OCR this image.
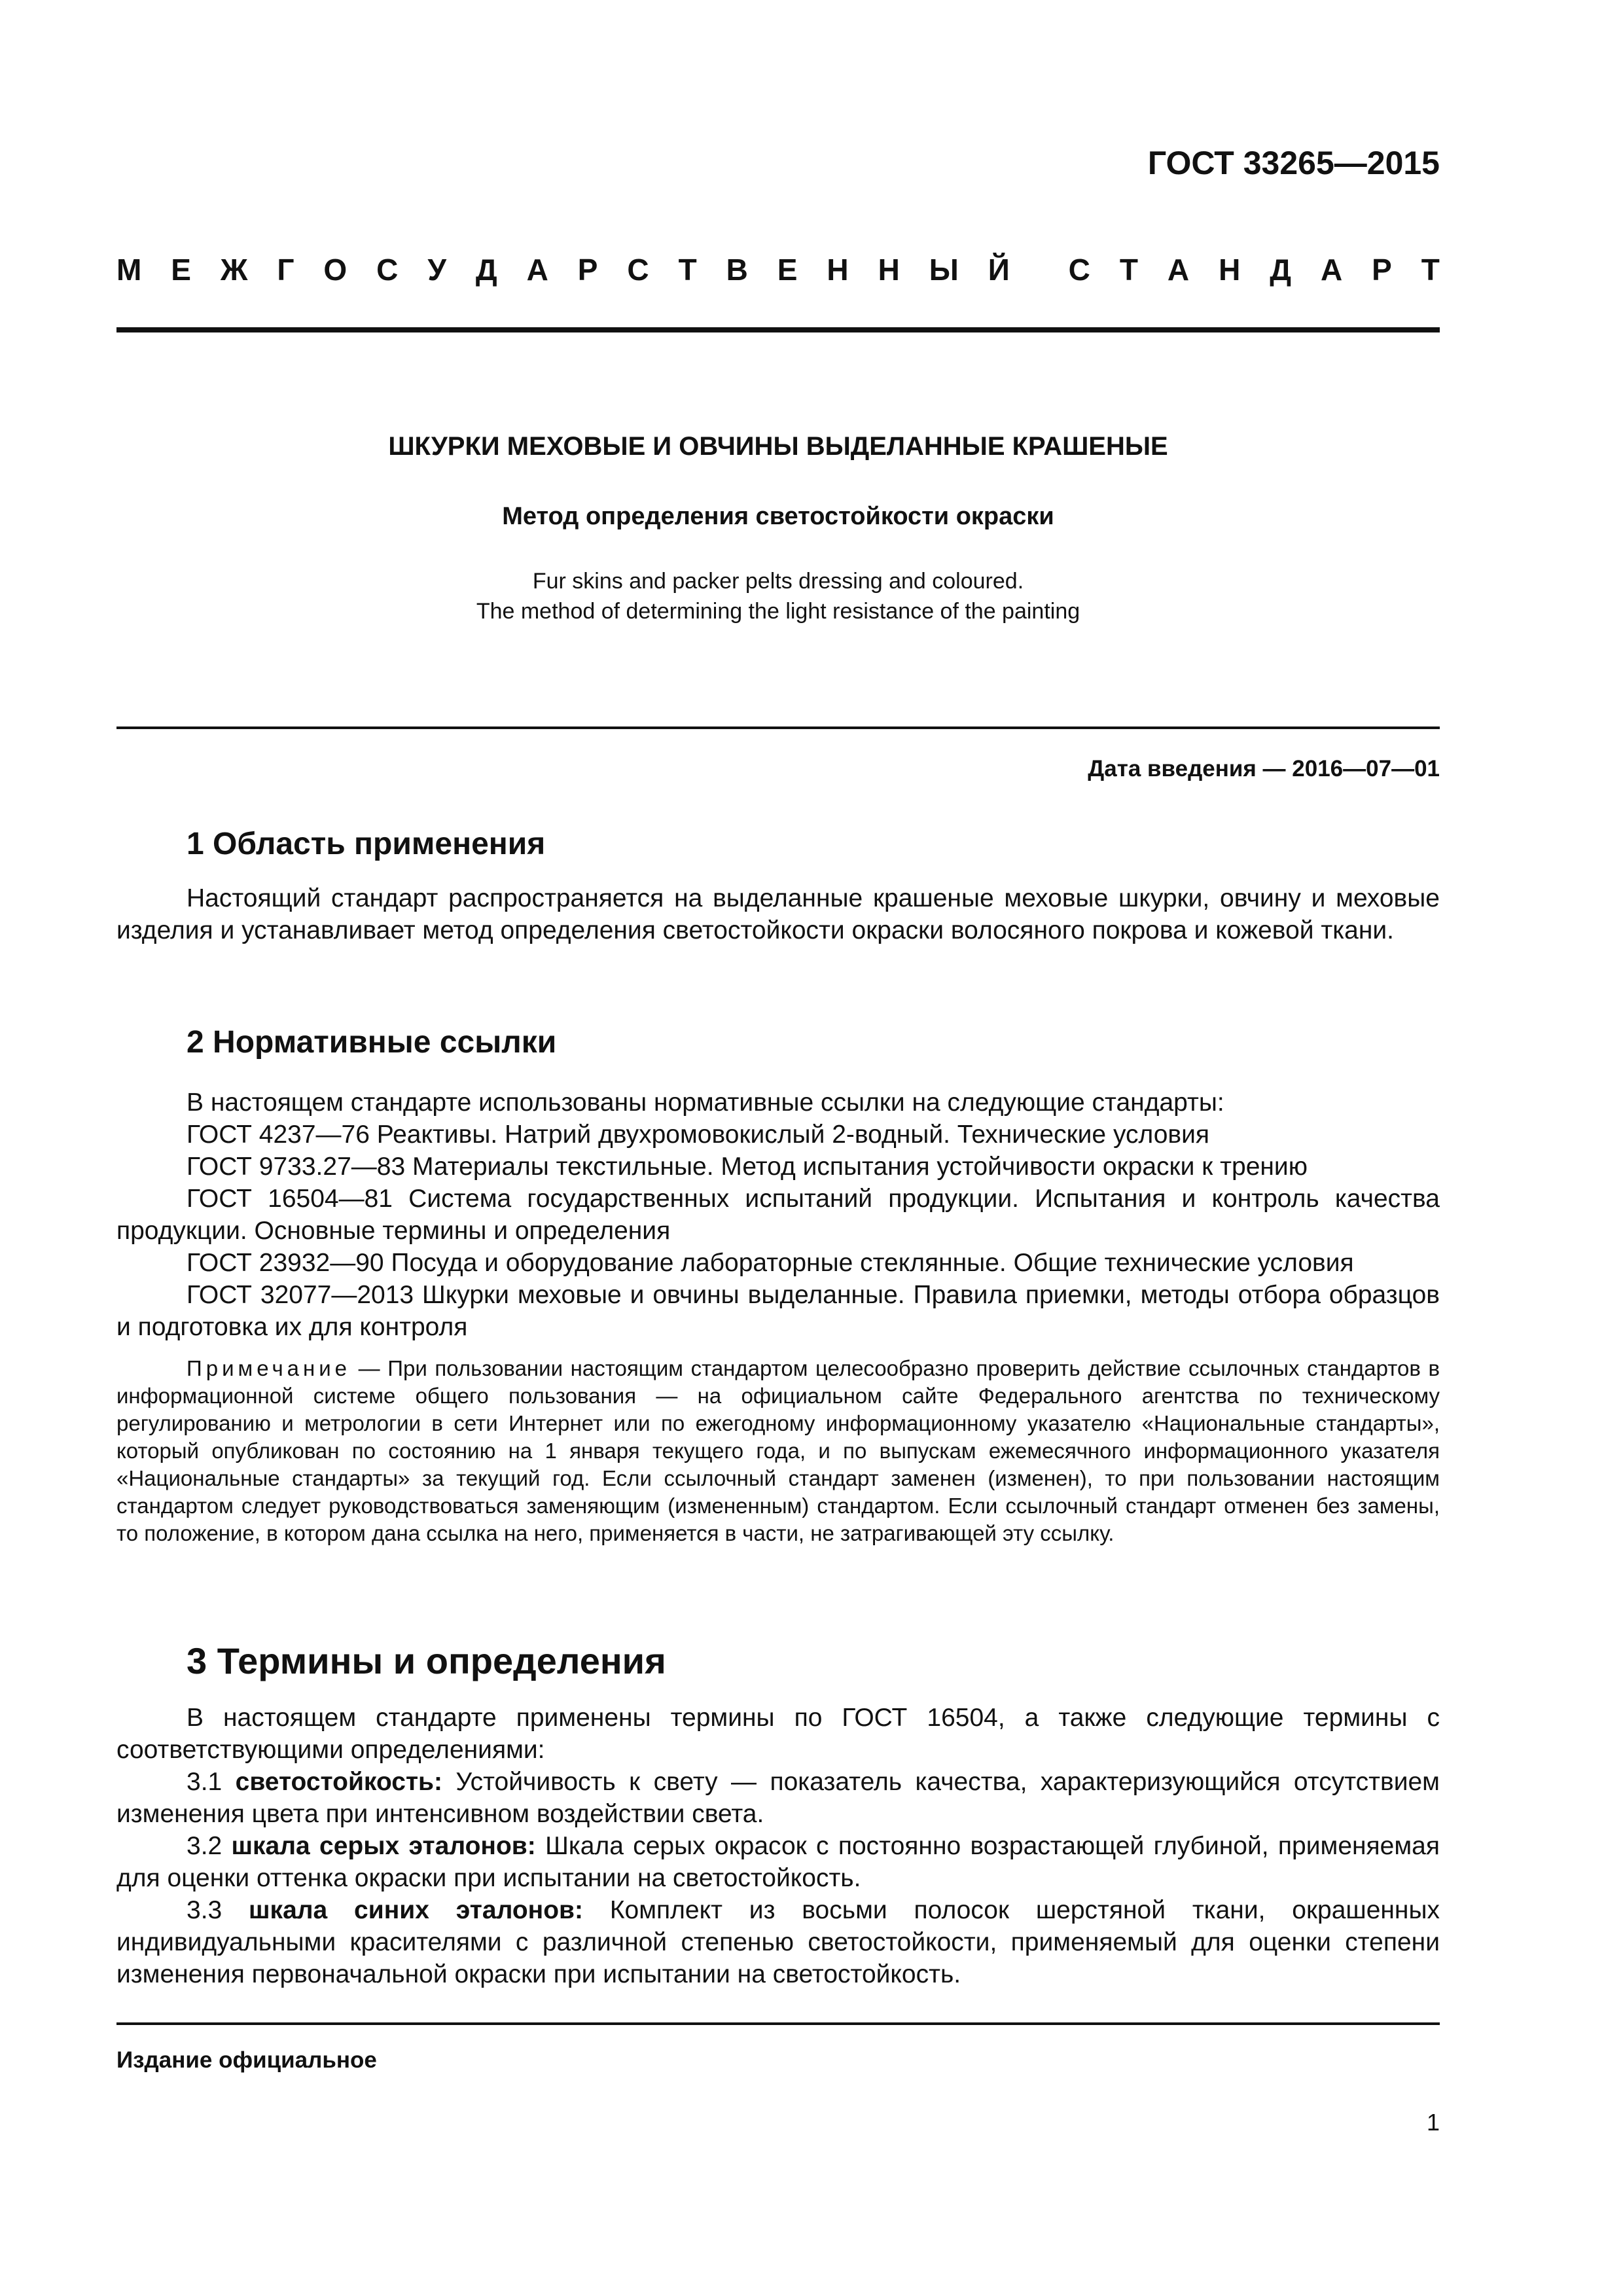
ГОСТ 33265—2015
М Е Ж Г О С У Д А Р С Т В Е Н Н Ы Й С Т А Н Д А Р Т
ШКУРКИ МЕХОВЫЕ И ОВЧИНЫ ВЫДЕЛАННЫЕ КРАШЕНЫЕ
Метод определения светостойкости окраски
Fur skins and packer pelts dressing and coloured.
The method of determining the light resistance of the painting
Дата введения — 2016—07—01
1 Область применения
Настоящий стандарт распространяется на выделанные крашеные меховые шкурки, овчину и меховые изделия и устанавливает метод определения светостойкости окраски волосяного покрова и кожевой ткани.
2 Нормативные ссылки
В настоящем стандарте использованы нормативные ссылки на следующие стандарты:
ГОСТ 4237—76 Реактивы. Натрий двухромовокислый 2-водный. Технические условия
ГОСТ 9733.27—83 Материалы текстильные. Метод испытания устойчивости окраски к трению
ГОСТ 16504—81 Система государственных испытаний продукции. Испытания и контроль качества продукции. Основные термины и определения
ГОСТ 23932—90 Посуда и оборудование лабораторные стеклянные. Общие технические условия
ГОСТ 32077—2013 Шкурки меховые и овчины выделанные. Правила приемки, методы отбора образцов и подготовка их для контроля
Примечание — При пользовании настоящим стандартом целесообразно проверить действие ссылочных стандартов в информационной системе общего пользования — на официальном сайте Федерального агентства по техническому регулированию и метрологии в сети Интернет или по ежегодному информационному указателю «Национальные стандарты», который опубликован по состоянию на 1 января текущего года, и по выпускам ежемесячного информационного указателя «Национальные стандарты» за текущий год. Если ссылочный стандарт заменен (изменен), то при пользовании настоящим стандартом следует руководствоваться заменяющим (измененным) стандартом. Если ссылочный стандарт отменен без замены, то положение, в котором дана ссылка на него, применяется в части, не затрагивающей эту ссылку.
3 Термины и определения
В настоящем стандарте применены термины по ГОСТ 16504, а также следующие термины с соответствующими определениями:
3.1 светостойкость: Устойчивость к свету — показатель качества, характеризующийся отсутствием изменения цвета при интенсивном воздействии света.
3.2 шкала серых эталонов: Шкала серых окрасок с постоянно возрастающей глубиной, применяемая для оценки оттенка окраски при испытании на светостойкость.
3.3 шкала синих эталонов: Комплект из восьми полосок шерстяной ткани, окрашенных индивидуальными красителями с различной степенью светостойкости, применяемый для оценки степени изменения первоначальной окраски при испытании на светостойкость.
Издание официальное
1
